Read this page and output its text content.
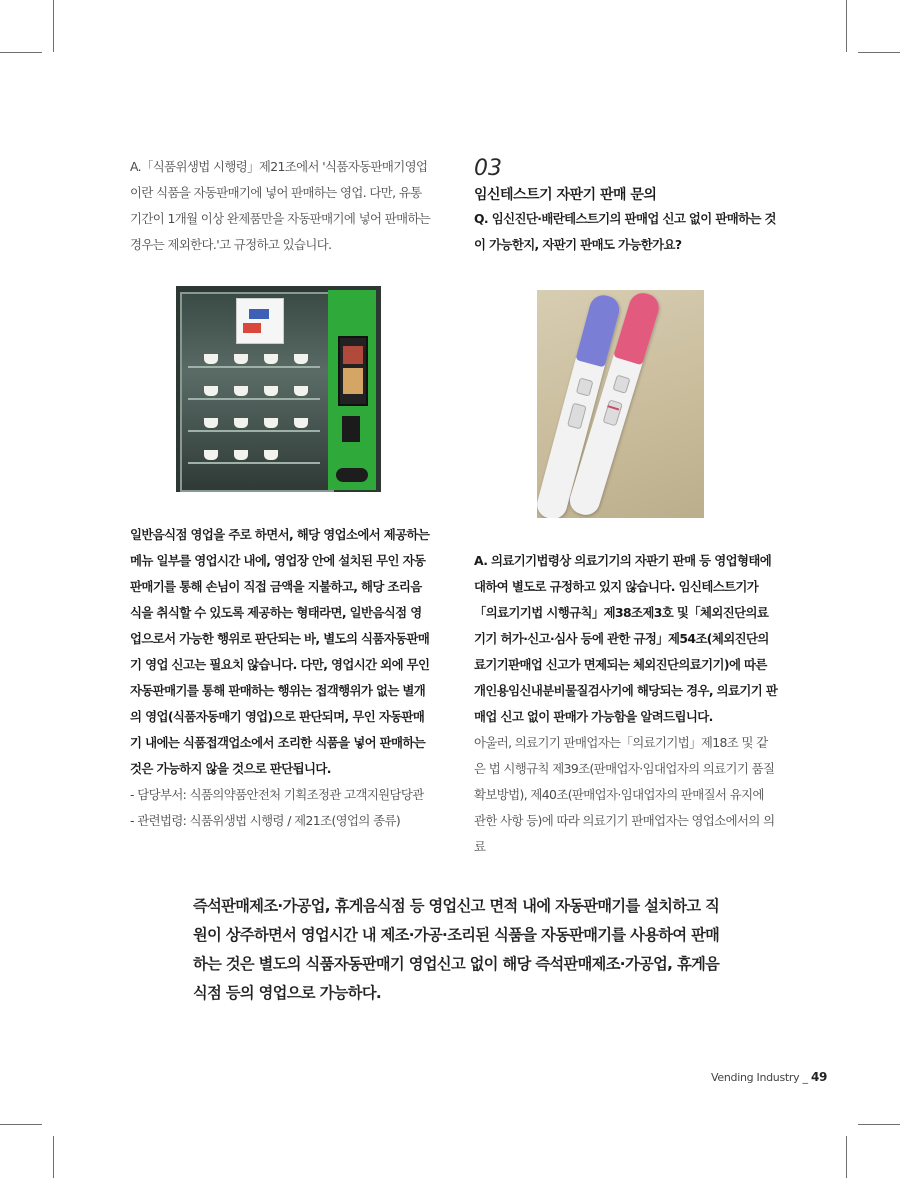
A.「식품위생법 시행령」제21조에서 '식품자동판매기영업이란 식품을 자동판매기에 넣어 판매하는 영업. 다만, 유통기간이 1개월 이상 완제품만을 자동판매기에 넣어 판매하는 경우는 제외한다.'고 규정하고 있습니다.

일반음식점 영업을 주로 하면서, 해당 영업소에서 제공하는 메뉴 일부를 영업시간 내에, 영업장 안에 설치된 무인 자동판매기를 통해 손님이 직접 금액을 지불하고, 해당 조리음식을 취식할 수 있도록 제공하는 형태라면, 일반음식점 영업으로서 가능한 행위로 판단되는 바, 별도의 식품자동판매기 영업 신고는 필요치 않습니다. 다만, 영업시간 외에 무인 자동판매기를 통해 판매하는 행위는 접객행위가 없는 별개의 영업(식품자동매기 영업)으로 판단되며, 무인 자동판매기 내에는 식품접객업소에서 조리한 식품을 넣어 판매하는 것은 가능하지 않을 것으로 판단됩니다.

- 담당부서: 식품의약품안전처 기획조정관 고객지원담당관

- 관련법령: 식품위생법 시행령 / 제21조(영업의 종류)

03
임신테스트기 자판기 판매 문의

Q. 임신진단·배란테스트기의 판매업 신고 없이 판매하는 것이 가능한지, 자판기 판매도 가능한가요?

A. 의료기기법령상 의료기기의 자판기 판매 등 영업형태에 대하여 별도로 규정하고 있지 않습니다. 임신테스트기가「의료기기법 시행규칙」제38조제3호 및「체외진단의료기기 허가·신고·심사 등에 관한 규정」제54조(체외진단의료기기판매업 신고가 면제되는 체외진단의료기기)에 따른 개인용임신내분비물질검사기에 해당되는 경우, 의료기기 판매업 신고 없이 판매가 가능함을 알려드립니다.

아울러, 의료기기 판매업자는「의료기기법」제18조 및 같은 법 시행규칙 제39조(판매업자·임대업자의 의료기기 품질 확보방법), 제40조(판매업자·임대업자의 판매질서 유지에 관한 사항 등)에 따라 의료기기 판매업자는 영업소에서의 의료

즉석판매제조·가공업, 휴게음식점 등 영업신고 면적 내에 자동판매기를 설치하고 직원이 상주하면서 영업시간 내 제조·가공·조리된 식품을 자동판매기를 사용하여 판매하는 것은 별도의 식품자동판매기 영업신고 없이 해당 즉석판매제조·가공업, 휴게음식점 등의 영업으로 가능하다.
Vending Industry _ 49
